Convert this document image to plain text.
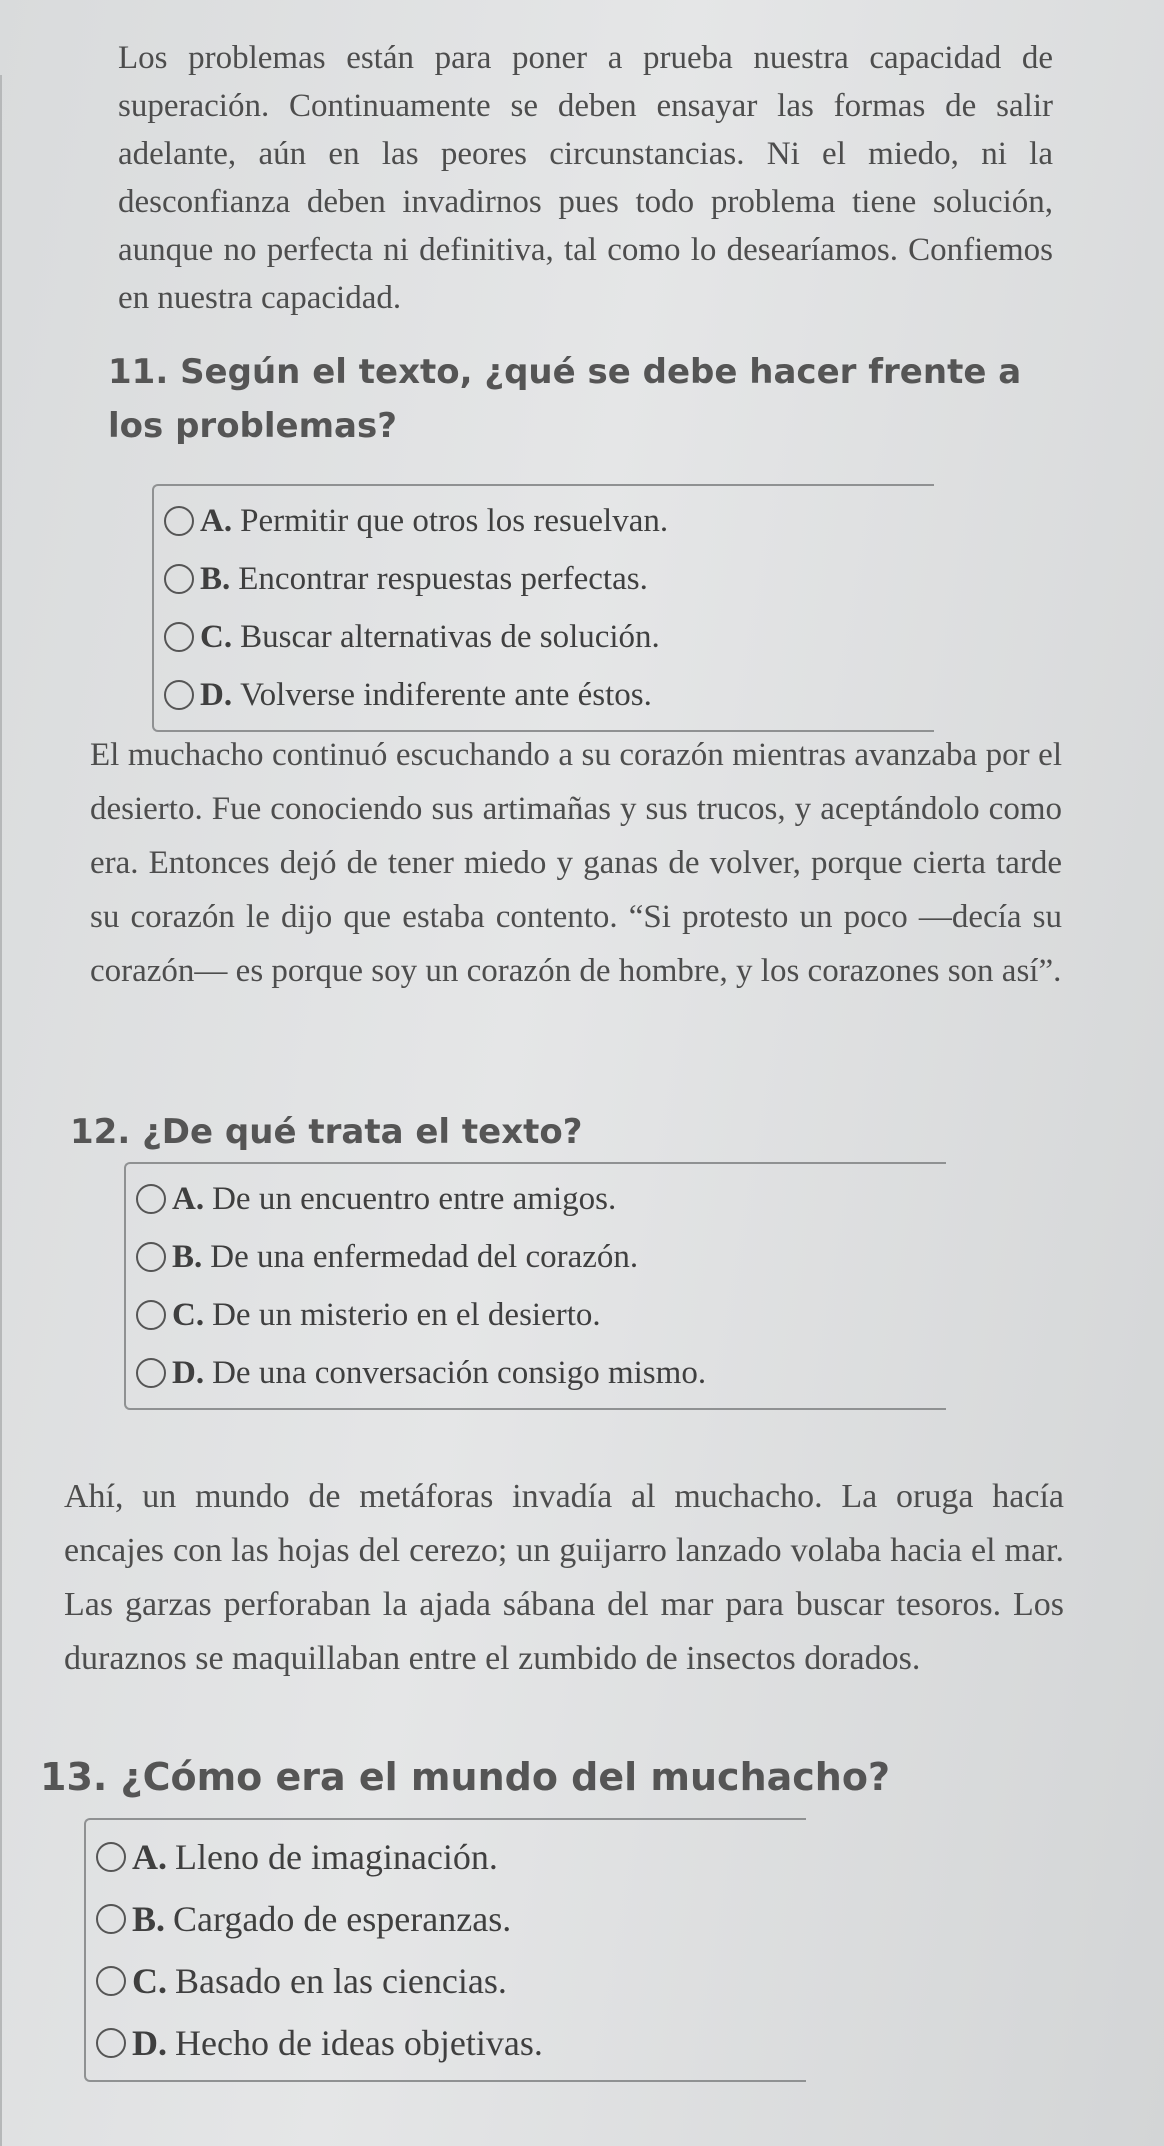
Los problemas están para poner a prueba nuestra capacidad de superación. Continuamente se deben ensayar las formas de salir adelante, aún en las peores circunstancias. Ni el miedo, ni la desconfianza deben invadirnos pues todo problema tiene solución, aunque no perfecta ni definitiva, tal como lo desearíamos. Confiemos en nuestra capacidad.

11. Según el texto, ¿qué se debe hacer frente a los problemas?

A. Permitir que otros los resuelvan.
B. Encontrar respuestas perfectas.
C. Buscar alternativas de solución.
D. Volverse indiferente ante éstos.

El muchacho continuó escuchando a su corazón mientras avanzaba por el desierto. Fue conociendo sus artimañas y sus trucos, y aceptándolo como era. Entonces dejó de tener miedo y ganas de volver, porque cierta tarde su corazón le dijo que estaba contento. “Si protesto un poco —decía su corazón— es porque soy un corazón de hombre, y los corazones son así”.

12. ¿De qué trata el texto?

A. De un encuentro entre amigos.
B. De una enfermedad del corazón.
C. De un misterio en el desierto.
D. De una conversación consigo mismo.

Ahí, un mundo de metáforas invadía al muchacho. La oruga hacía encajes con las hojas del cerezo; un guijarro lanzado volaba hacia el mar. Las garzas perforaban la ajada sábana del mar para buscar tesoros. Los duraznos se maquillaban entre el zumbido de insectos dorados.

13. ¿Cómo era el mundo del muchacho?

A. Lleno de imaginación.
B. Cargado de esperanzas.
C. Basado en las ciencias.
D. Hecho de ideas objetivas.
